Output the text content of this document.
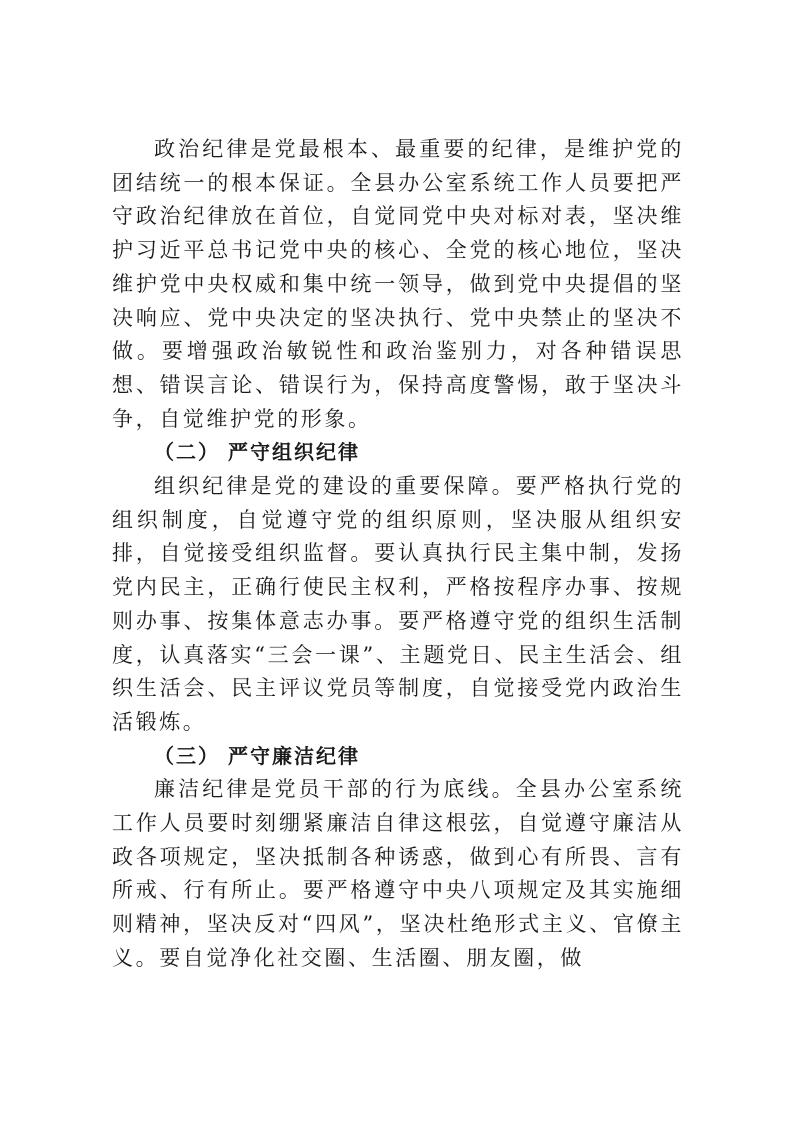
政治纪律是党最根本、最重要的纪律，是维护党的团结统一的根本保证。全县办公室系统工作人员要把严守政治纪律放在首位，自觉同党中央对标对表，坚决维护习近平总书记党中央的核心、全党的核心地位，坚决维护党中央权威和集中统一领导，做到党中央提倡的坚决响应、党中央决定的坚决执行、党中央禁止的坚决不做。要增强政治敏锐性和政治鉴别力，对各种错误思想、错误言论、错误行为，保持高度警惕，敢于坚决斗争，自觉维护党的形象。

（二） 严守组织纪律

组织纪律是党的建设的重要保障。要严格执行党的组织制度，自觉遵守党的组织原则，坚决服从组织安排，自觉接受组织监督。要认真执行民主集中制，发扬党内民主，正确行使民主权利，严格按程序办事、按规则办事、按集体意志办事。要严格遵守党的组织生活制度，认真落实“三会一课”、主题党日、民主生活会、组织生活会、民主评议党员等制度，自觉接受党内政治生活锻炼。

（三） 严守廉洁纪律

廉洁纪律是党员干部的行为底线。全县办公室系统工作人员要时刻绷紧廉洁自律这根弦，自觉遵守廉洁从政各项规定，坚决抵制各种诱惑，做到心有所畏、言有所戒、行有所止。要严格遵守中央八项规定及其实施细则精神，坚决反对“四风”，坚决杜绝形式主义、官僚主义。要自觉净化社交圈、生活圈、朋友圈，做
